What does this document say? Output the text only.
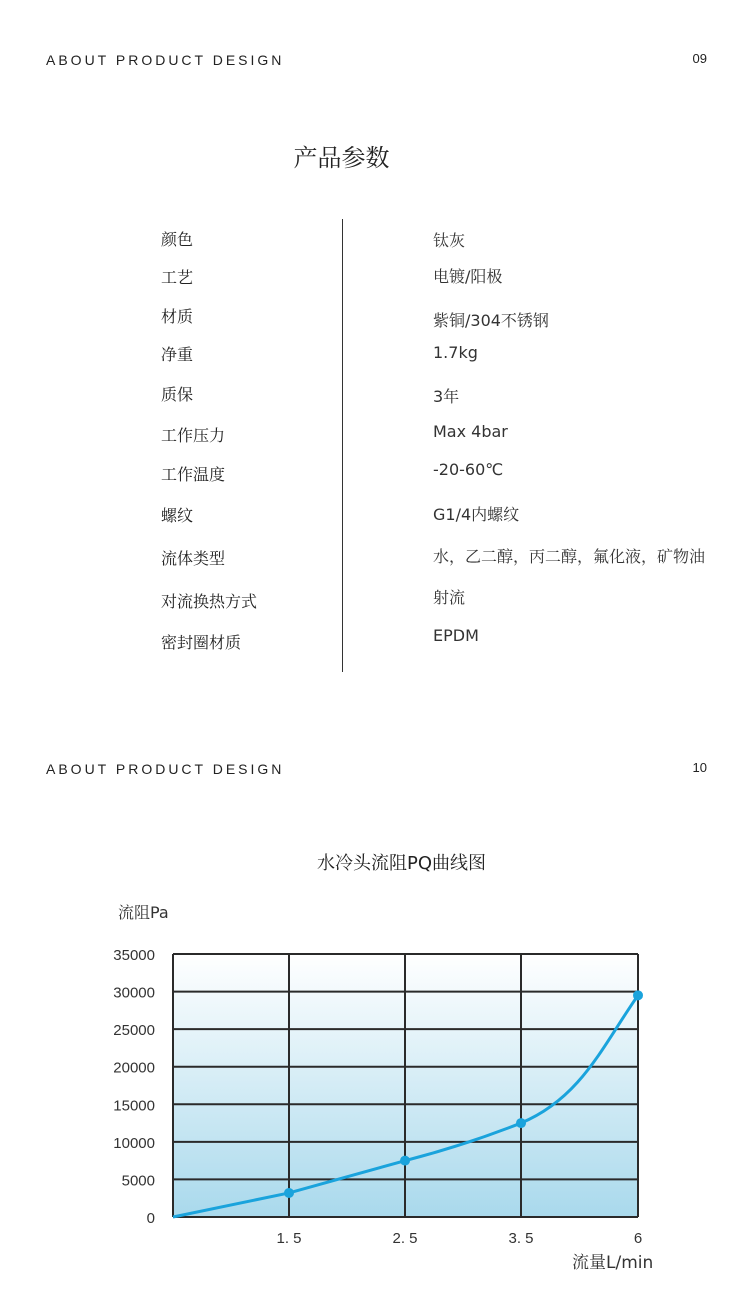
ABOUT PRODUCT DESIGN	09
产品参数
颜色	钛灰
工艺	电镀/阳极
材质	紫铜/304不锈钢
净重	1.7kg
质保	3年
工作压力	Max 4bar
工作温度	-20-60℃
螺纹	G1/4内螺纹
流体类型	水，乙二醇，丙二醇，氟化液，矿物油
对流换热方式	射流
密封圈材质	EPDM
ABOUT PRODUCT DESIGN	10
水冷头流阻PQ曲线图
0
5000
10000
15000
20000
25000
30000
35000
1. 5	2. 5	3. 5	6
流阻Pa
流量L/min
